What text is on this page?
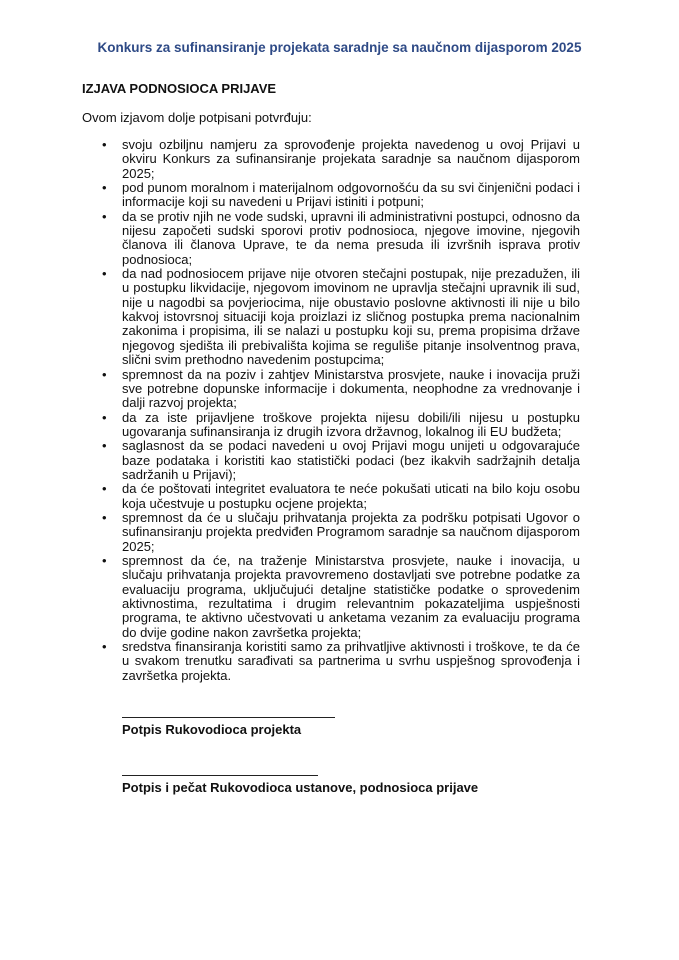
Konkurs za sufinansiranje projekata saradnje sa naučnom dijasporom 2025
IZJAVA PODNOSIOCA PRIJAVE
Ovom izjavom dolje potpisani potvrđuju:
• svoju ozbiljnu namjeru za sprovođenje projekta navedenog u ovoj Prijavi u okviru Konkurs za sufinansiranje projekata saradnje sa naučnom dijasporom 2025;
• pod punom moralnom i materijalnom odgovornošću da su svi činjenični podaci i informacije koji su navedeni u Prijavi istiniti i potpuni;
• da se protiv njih ne vode sudski, upravni ili administrativni postupci, odnosno da nijesu započeti sudski sporovi protiv podnosioca, njegove imovine, njegovih članova ili članova Uprave, te da nema presuda ili izvršnih isprava protiv podnosioca;
• da nad podnosiocem prijave nije otvoren stečajni postupak, nije prezadužen, ili u postupku likvidacije, njegovom imovinom ne upravlja stečajni upravnik ili sud, nije u nagodbi sa povjeriocima, nije obustavio poslovne aktivnosti ili nije u bilo kakvoj istovrsnoj situaciji koja proizlazi iz sličnog postupka prema nacionalnim zakonima i propisima, ili se nalazi u postupku koji su, prema propisima države njegovog sjedišta ili prebivališta kojima se reguliše pitanje insolventnog prava, slični svim prethodno navedenim postupcima;
• spremnost da na poziv i zahtjev Ministarstva prosvjete, nauke i inovacija pruži sve potrebne dopunske informacije i dokumenta, neophodne za vrednovanje i dalji razvoj projekta;
• da za iste prijavljene troškove projekta nijesu dobili/ili nijesu u postupku ugovaranja sufinansiranja iz drugih izvora državnog, lokalnog ili EU budžeta;
• saglasnost da se podaci navedeni u ovoj Prijavi mogu unijeti u odgovarajuće baze podataka i koristiti kao statistički podaci (bez ikakvih sadržajnih detalja sadržanih u Prijavi);
• da će poštovati integritet evaluatora te neće pokušati uticati na bilo koju osobu koja učestvuje u postupku ocjene projekta;
• spremnost da će u slučaju prihvatanja projekta za podršku potpisati Ugovor o sufinansiranju projekta predviđen Programom saradnje sa naučnom dijasporom 2025;
• spremnost da će, na traženje Ministarstva prosvjete, nauke i inovacija, u slučaju prihvatanja projekta pravovremeno dostavljati sve potrebne podatke za evaluaciju programa, uključujući detaljne statističke podatke o sprovedenim aktivnostima, rezultatima i drugim relevantnim pokazateljima uspješnosti programa, te aktivno učestvovati u anketama vezanim za evaluaciju programa do dvije godine nakon završetka projekta;
• sredstva finansiranja koristiti samo za prihvatljive aktivnosti i troškove, te da će u svakom trenutku sarađivati sa partnerima u svrhu uspješnog sprovođenja i završetka projekta.
Potpis Rukovodioca projekta
Potpis i pečat Rukovodioca ustanove, podnosioca prijave
